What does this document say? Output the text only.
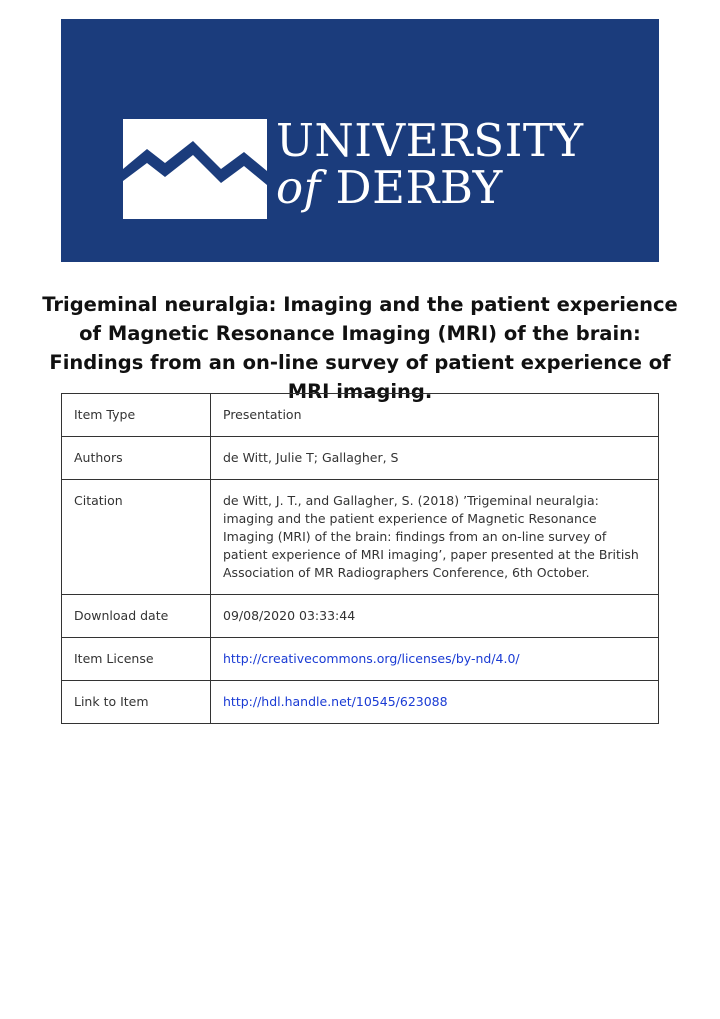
UNIVERSITY
of DERBY
Trigeminal neuralgia: Imaging and the patient experience of Magnetic Resonance Imaging (MRI) of the brain: Findings from an on-line survey of patient experience of MRI imaging.
Item Type	Presentation
Authors	de Witt, Julie T; Gallagher, S
Citation	de Witt, J. T., and Gallagher, S. (2018) ’Trigeminal neuralgia: imaging and the patient experience of Magnetic Resonance Imaging (MRI) of the brain: findings from an on-line survey of patient experience of MRI imaging’, paper presented at the British Association of MR Radiographers Conference, 6th October.
Download date	09/08/2020 03:33:44
Item License	http://creativecommons.org/licenses/by-nd/4.0/
Link to Item	http://hdl.handle.net/10545/623088
